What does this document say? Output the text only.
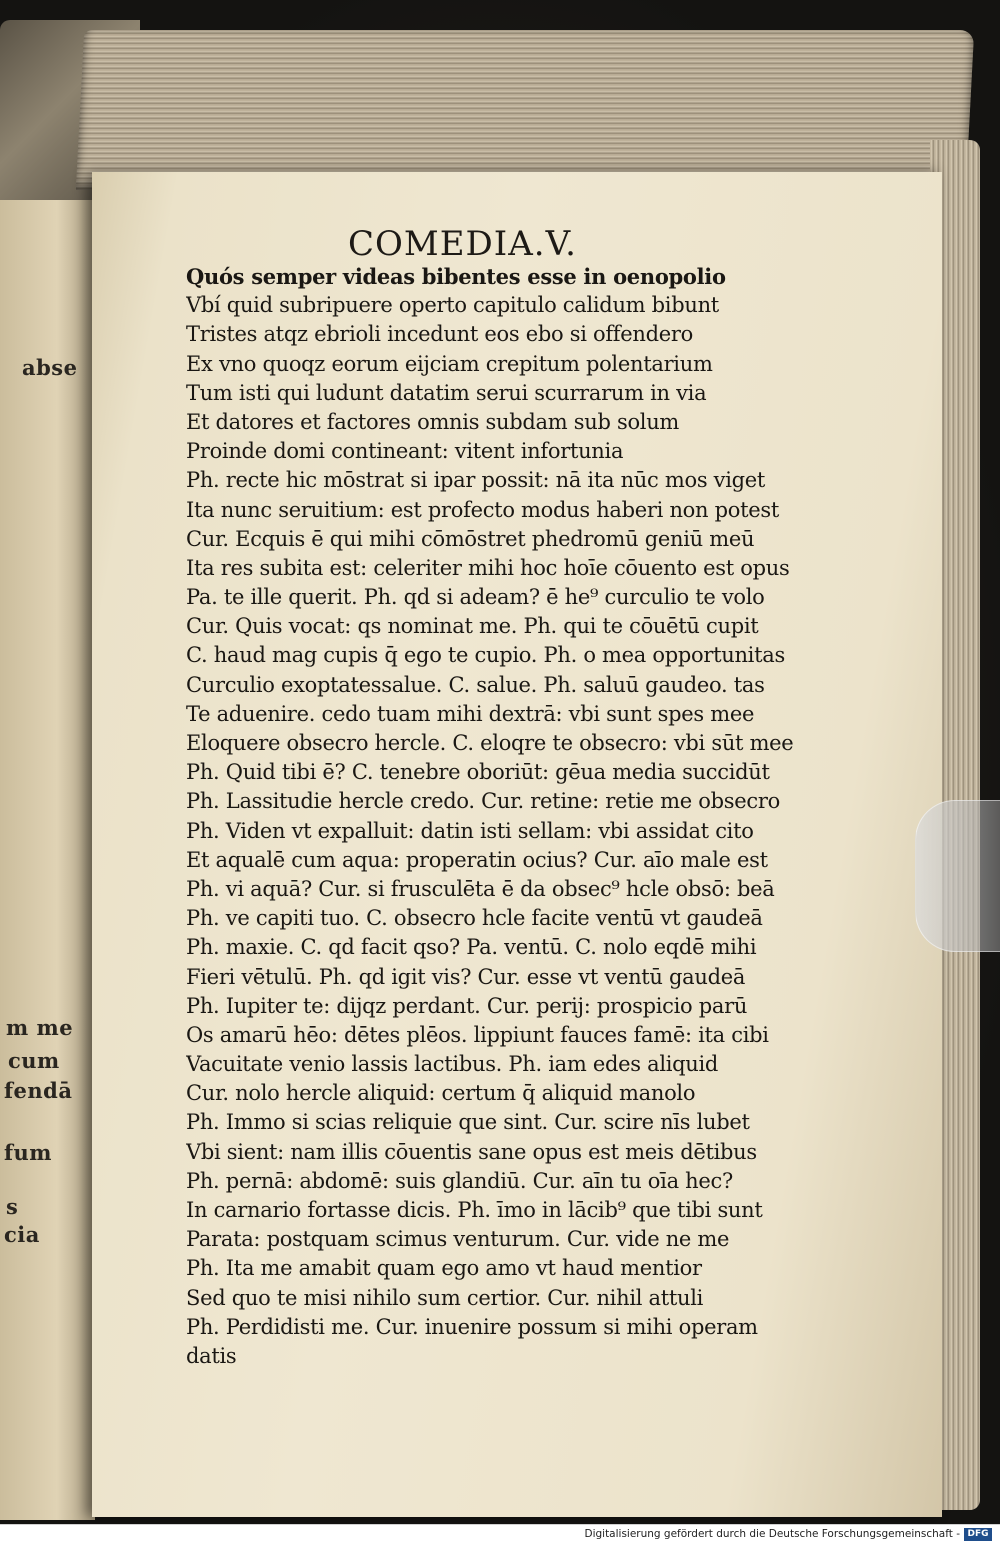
abse
m me
cum
fendā
fum
s
cia
COMEDIA.V.
Quós semper videas bibentes esse in oenopolio
Vbí quid subripuere operto capitulo calidum bibunt
Tristes atqz ebrioli incedunt eos ebo si offendero
Ex vno quoqz eorum eijciam crepitum polentarium
Tum isti qui ludunt datatim serui scurrarum in via
Et datores et factores omnis subdam sub solum
Proinde domi contineant: vitent infortunia
Ph. recte hic mōstrat si ipar possit: nā ita nūc mos viget
Ita nunc seruitium: est profecto modus haberi non potest
Cur. Ecquis ē qui mihi cōmōstret phedromū geniū meū
Ita res subita est: celeriter mihi hoc hoīe cōuento est opus
Pa. te ille querit. Ph. qd si adeam? ē he⁹ curculio te volo
Cur. Quis vocat: qs nominat me. Ph. qui te cōuētū cupit
C. haud mag cupis q̄ ego te cupio. Ph. o mea opportunitas
Curculio exoptatessalue. C. salue. Ph. saluū gaudeo. tas
Te aduenire. cedo tuam mihi dextrā: vbi sunt spes mee
Eloquere obsecro hercle. C. eloqre te obsecro: vbi sūt mee
Ph. Quid tibi ē? C. tenebre oboriūt: gēua media succidūt
Ph. Lassitudie hercle credo. Cur. retine: retie me obsecro
Ph. Viden vt expalluit: datin isti sellam: vbi assidat cito
Et aqualē cum aqua: properatin ocius? Cur. aīo male est
Ph. vi aquā? Cur. si frusculēta ē da obsec⁹ hcle obsō: beā
Ph. ve capiti tuo. C. obsecro hcle facite ventū vt gaudeā
Ph. maxie. C. qd facit qso? Pa. ventū. C. nolo eqdē mihi
Fieri vētulū. Ph. qd igit vis? Cur. esse vt ventū gaudeā
Ph. Iupiter te: dijqz perdant. Cur. perij: prospicio parū
Os amarū hēo: dētes plēos. lippiunt fauces famē: ita cibi
Vacuitate venio lassis lactibus. Ph. iam edes aliquid
Cur. nolo hercle aliquid: certum q̄ aliquid manolo
Ph. Immo si scias reliquie que sint. Cur. scire nīs lubet
Vbi sient: nam illis cōuentis sane opus est meis dētibus
Ph. pernā: abdomē: suis glandiū. Cur. aīn tu oīa hec?
In carnario fortasse dicis. Ph. īmo in lācib⁹ que tibi sunt
Parata: postquam scimus venturum. Cur. vide ne me
Ph. Ita me amabit quam ego amo vt haud mentior
Sed quo te misi nihilo sum certior. Cur. nihil attuli
Ph. Perdidisti me. Cur. inuenire possum si mihi operam
datis
Digitalisierung gefördert durch die Deutsche Forschungsgemeinschaft - DFG
